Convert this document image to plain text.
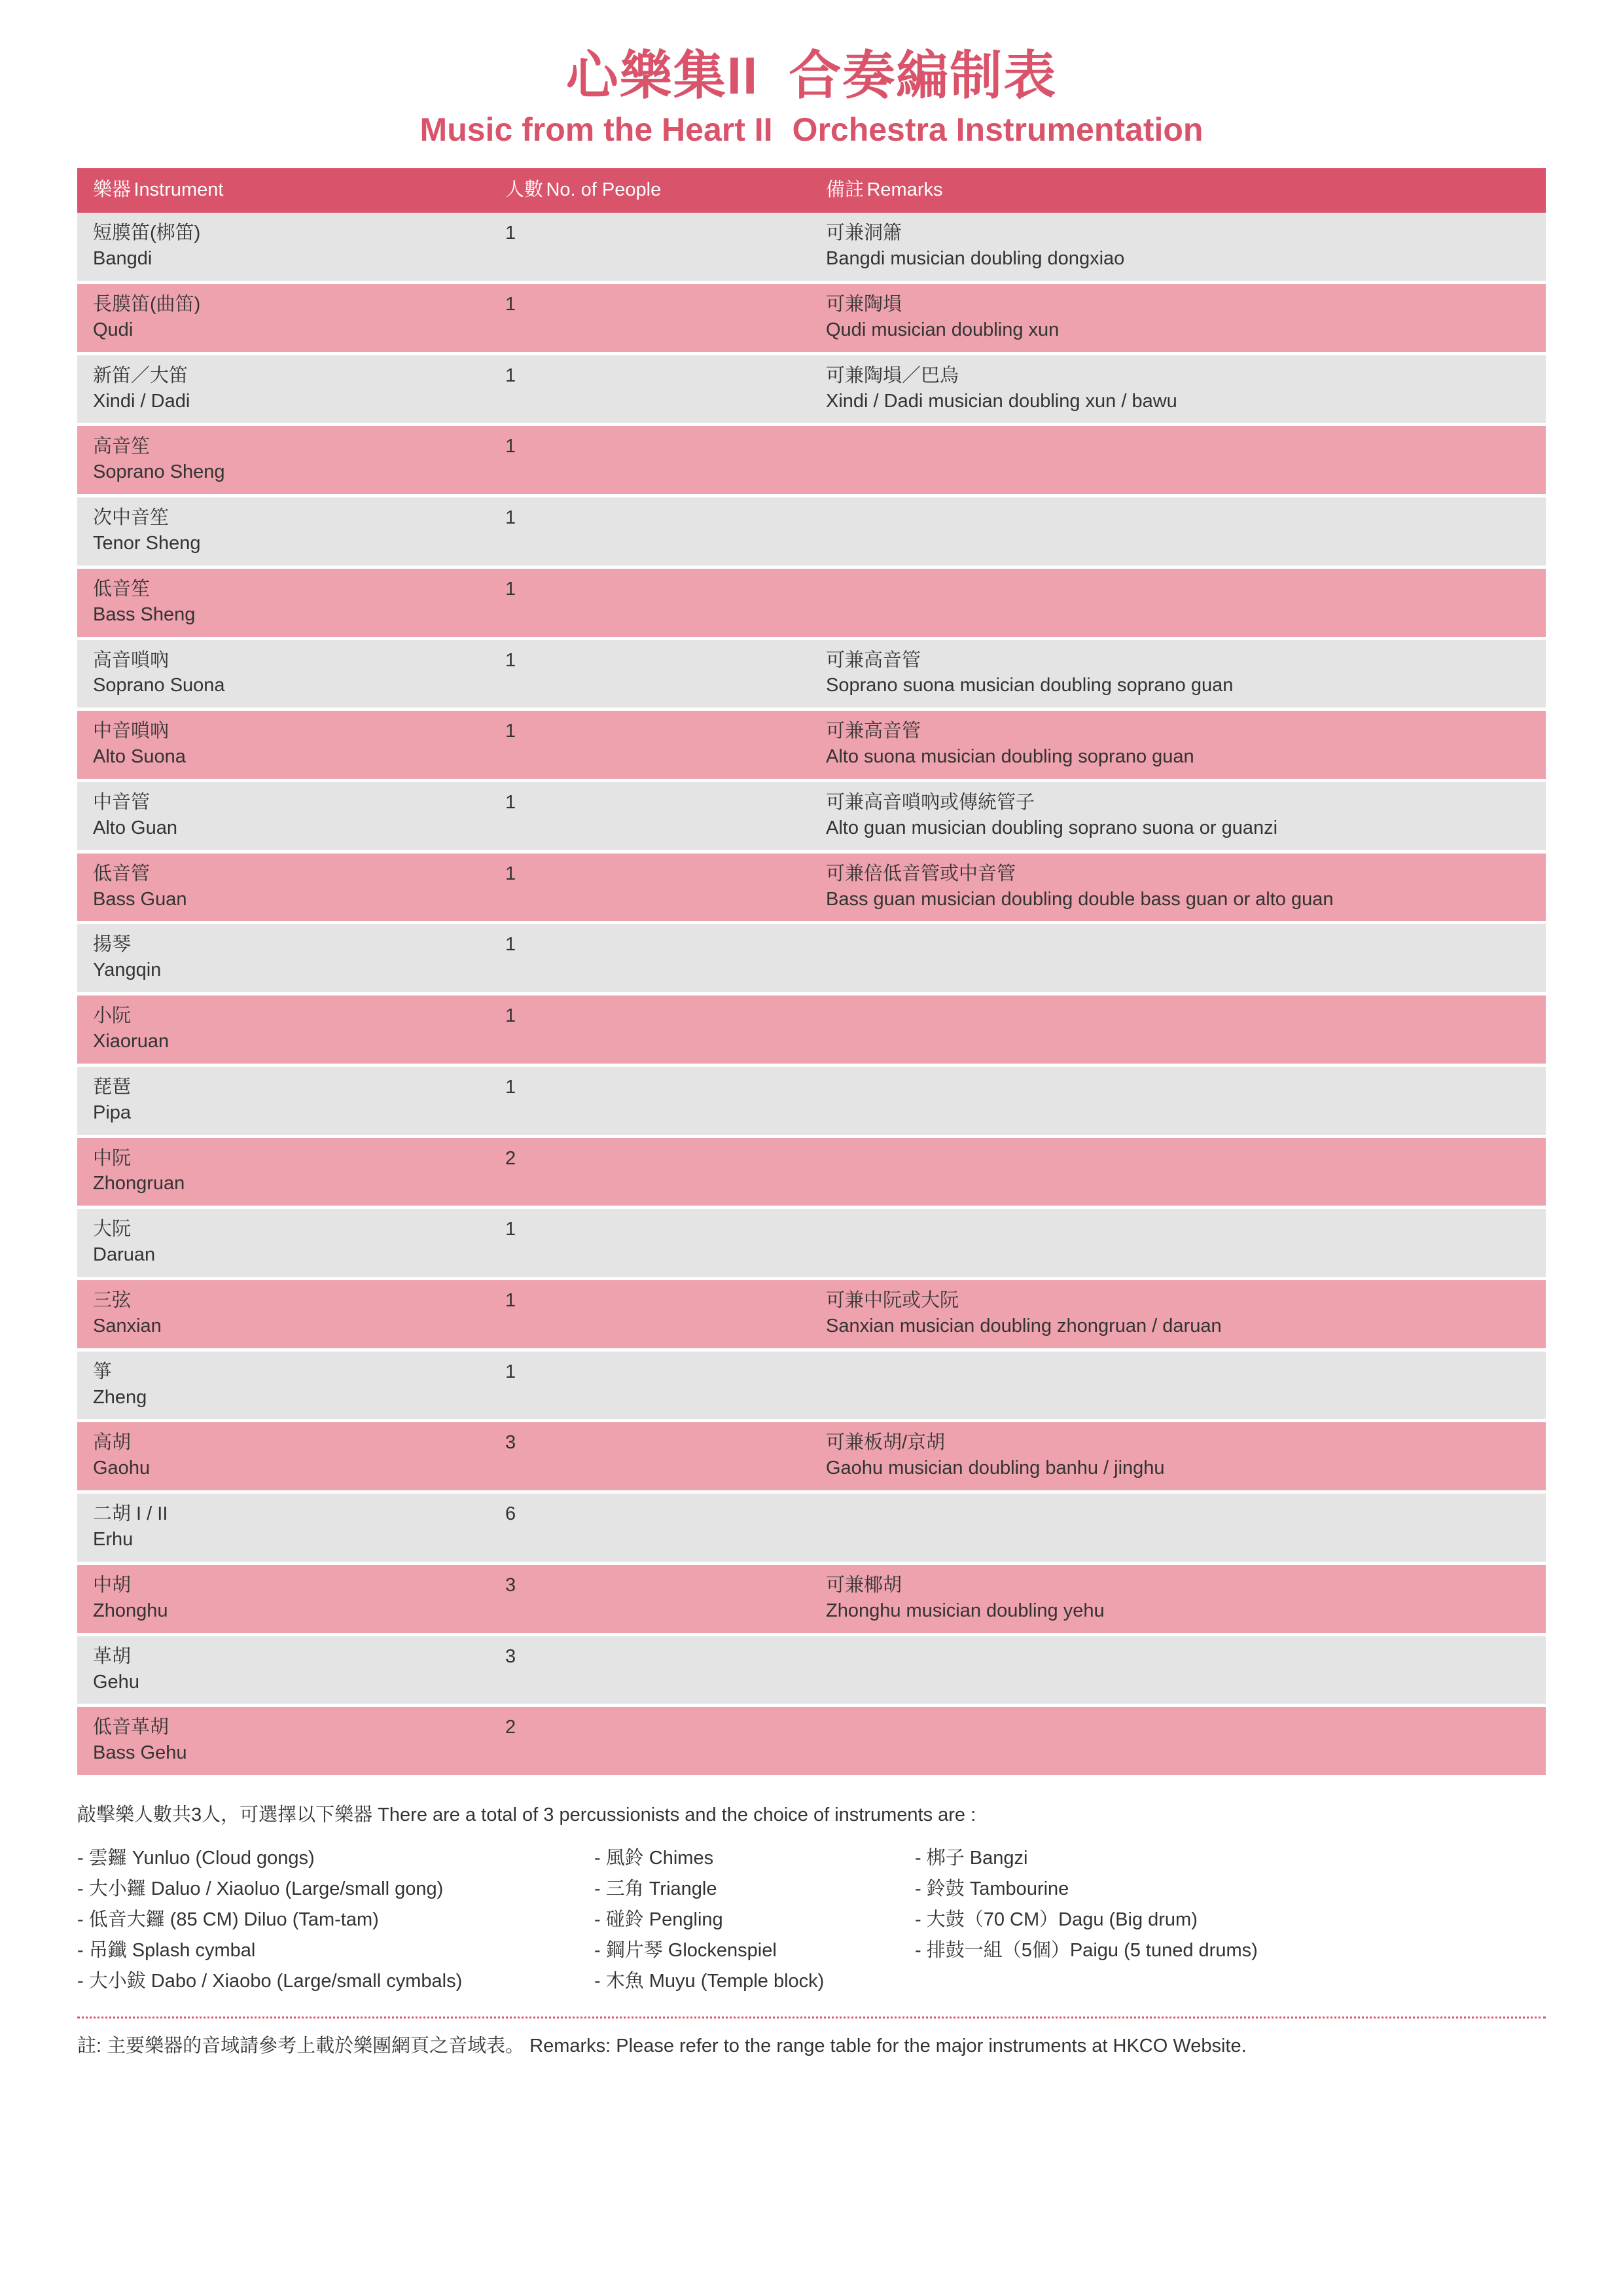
心樂集II 合奏編制表
Music from the Heart II Orchestra Instrumentation
樂器 Instrument	人數 No. of People	備註 Remarks

短膜笛(梆笛)
Bangdi	1	可兼洞簫
Bangdi musician doubling dongxiao

長膜笛(曲笛)
Qudi	1	可兼陶塤
Qudi musician doubling xun

新笛／大笛
Xindi / Dadi	1	可兼陶塤／巴烏
Xindi / Dadi musician doubling xun / bawu

高音笙
Soprano Sheng	1	

次中音笙
Tenor Sheng	1	

低音笙
Bass Sheng	1	

高音嗩吶
Soprano Suona	1	可兼高音管
Soprano suona musician doubling soprano guan

中音嗩吶
Alto Suona	1	可兼高音管
Alto suona musician doubling soprano guan

中音管
Alto Guan	1	可兼高音嗩吶或傳統管子
Alto guan musician doubling soprano suona or guanzi

低音管
Bass Guan	1	可兼倍低音管或中音管
Bass guan musician doubling double bass guan or alto guan

揚琴
Yangqin	1	

小阮
Xiaoruan	1	

琵琶
Pipa	1	

中阮
Zhongruan	2	

大阮
Daruan	1	

三弦
Sanxian	1	可兼中阮或大阮
Sanxian musician doubling zhongruan / daruan

箏
Zheng	1	

高胡
Gaohu	3	可兼板胡/京胡
Gaohu musician doubling banhu / jinghu

二胡 I / II
Erhu	6	

中胡
Zhonghu	3	可兼椰胡
Zhonghu musician doubling yehu

革胡
Gehu	3	

低音革胡
Bass Gehu	2	
敲擊樂人數共3人，可選擇以下樂器 There are a total of 3 percussionists and the choice of instruments are :
- 雲鑼 Yunluo (Cloud gongs)
- 大小鑼 Daluo / Xiaoluo (Large/small gong)
- 低音大鑼 (85 CM) Diluo (Tam-tam)
- 吊鑯 Splash cymbal
- 大小鈸 Dabo / Xiaobo (Large/small cymbals)
- 風鈴 Chimes
- 三角 Triangle
- 碰鈴 Pengling
- 鋼片琴 Glockenspiel
- 木魚 Muyu (Temple block)
- 梆子 Bangzi
- 鈴鼓 Tambourine
- 大鼓（70 CM）Dagu (Big drum)
- 排鼓一組（5個）Paigu (5 tuned drums)
註: 主要樂器的音域請參考上載於樂團網頁之音域表。 Remarks: Please refer to the range table for the major instruments at HKCO Website.
